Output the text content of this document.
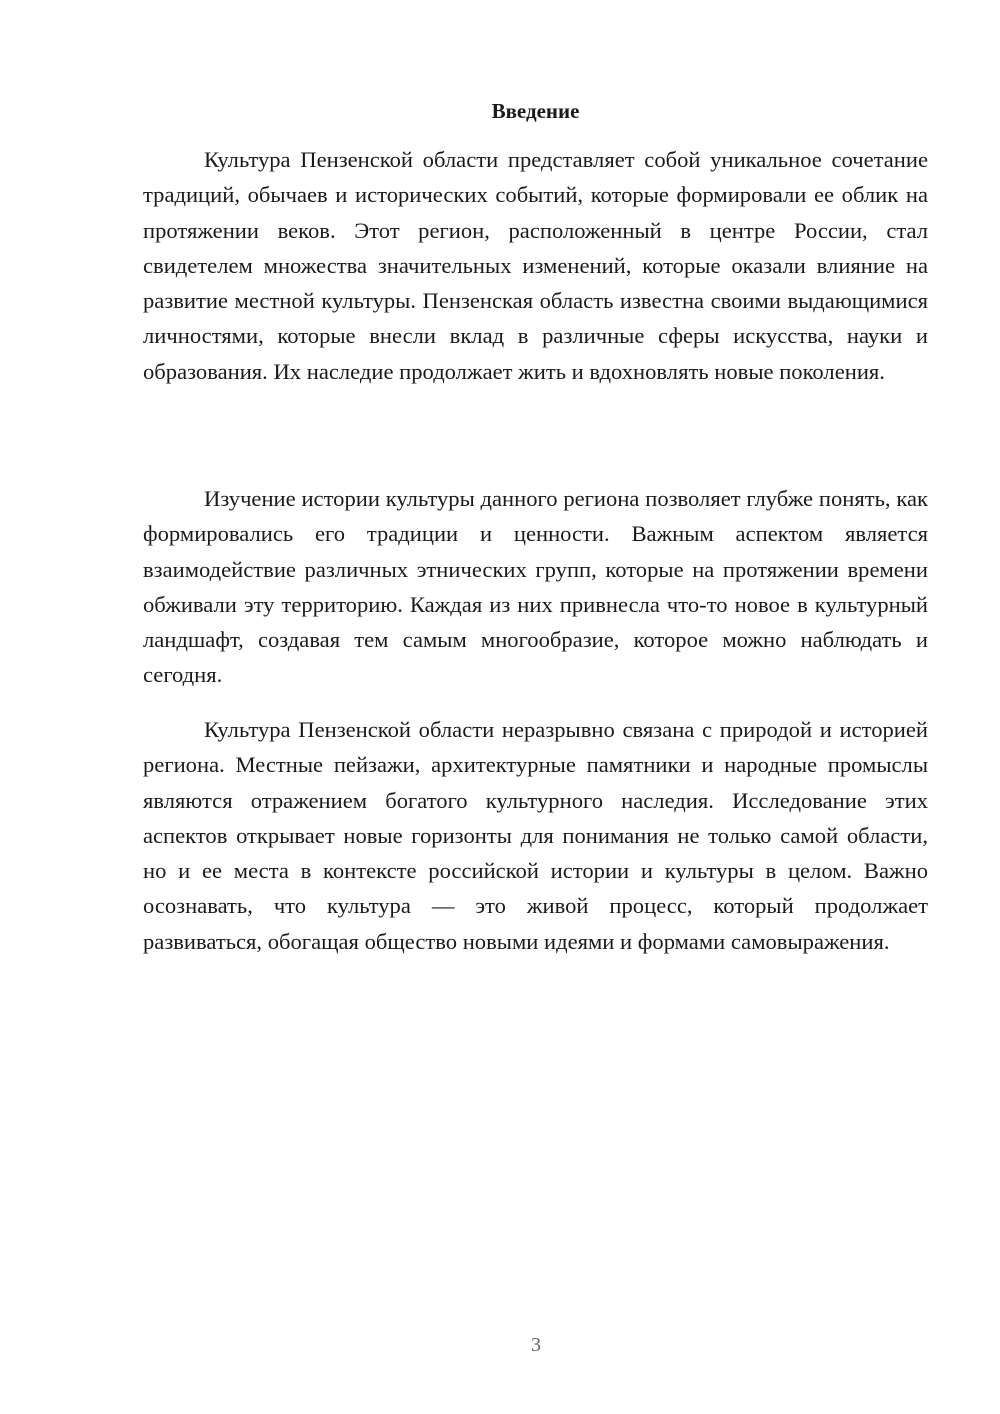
Введение

Культура Пензенской области представляет собой уникальное сочетание традиций, обычаев и исторических событий, которые формировали ее облик на протяжении веков. Этот регион, расположенный в центре России, стал свидетелем множества значительных изменений, которые оказали влияние на развитие местной культуры. Пензенская область известна своими выдающимися личностями, которые внесли вклад в различные сферы искусства, науки и образования. Их наследие продолжает жить и вдохновлять новые поколения.

Изучение истории культуры данного региона позволяет глубже понять, как формировались его традиции и ценности. Важным аспектом является взаимодействие различных этнических групп, которые на протяжении времени обживали эту территорию. Каждая из них привнесла что-то новое в культурный ландшафт, создавая тем самым многообразие, которое можно наблюдать и сегодня.

Культура Пензенской области неразрывно связана с природой и историей региона. Местные пейзажи, архитектурные памятники и народные промыслы являются отражением богатого культурного наследия. Исследование этих аспектов открывает новые горизонты для понимания не только самой области, но и ее места в контексте российской истории и культуры в целом. Важно осознавать, что культура — это живой процесс, который продолжает развиваться, обогащая общество новыми идеями и формами самовыражения.

3
